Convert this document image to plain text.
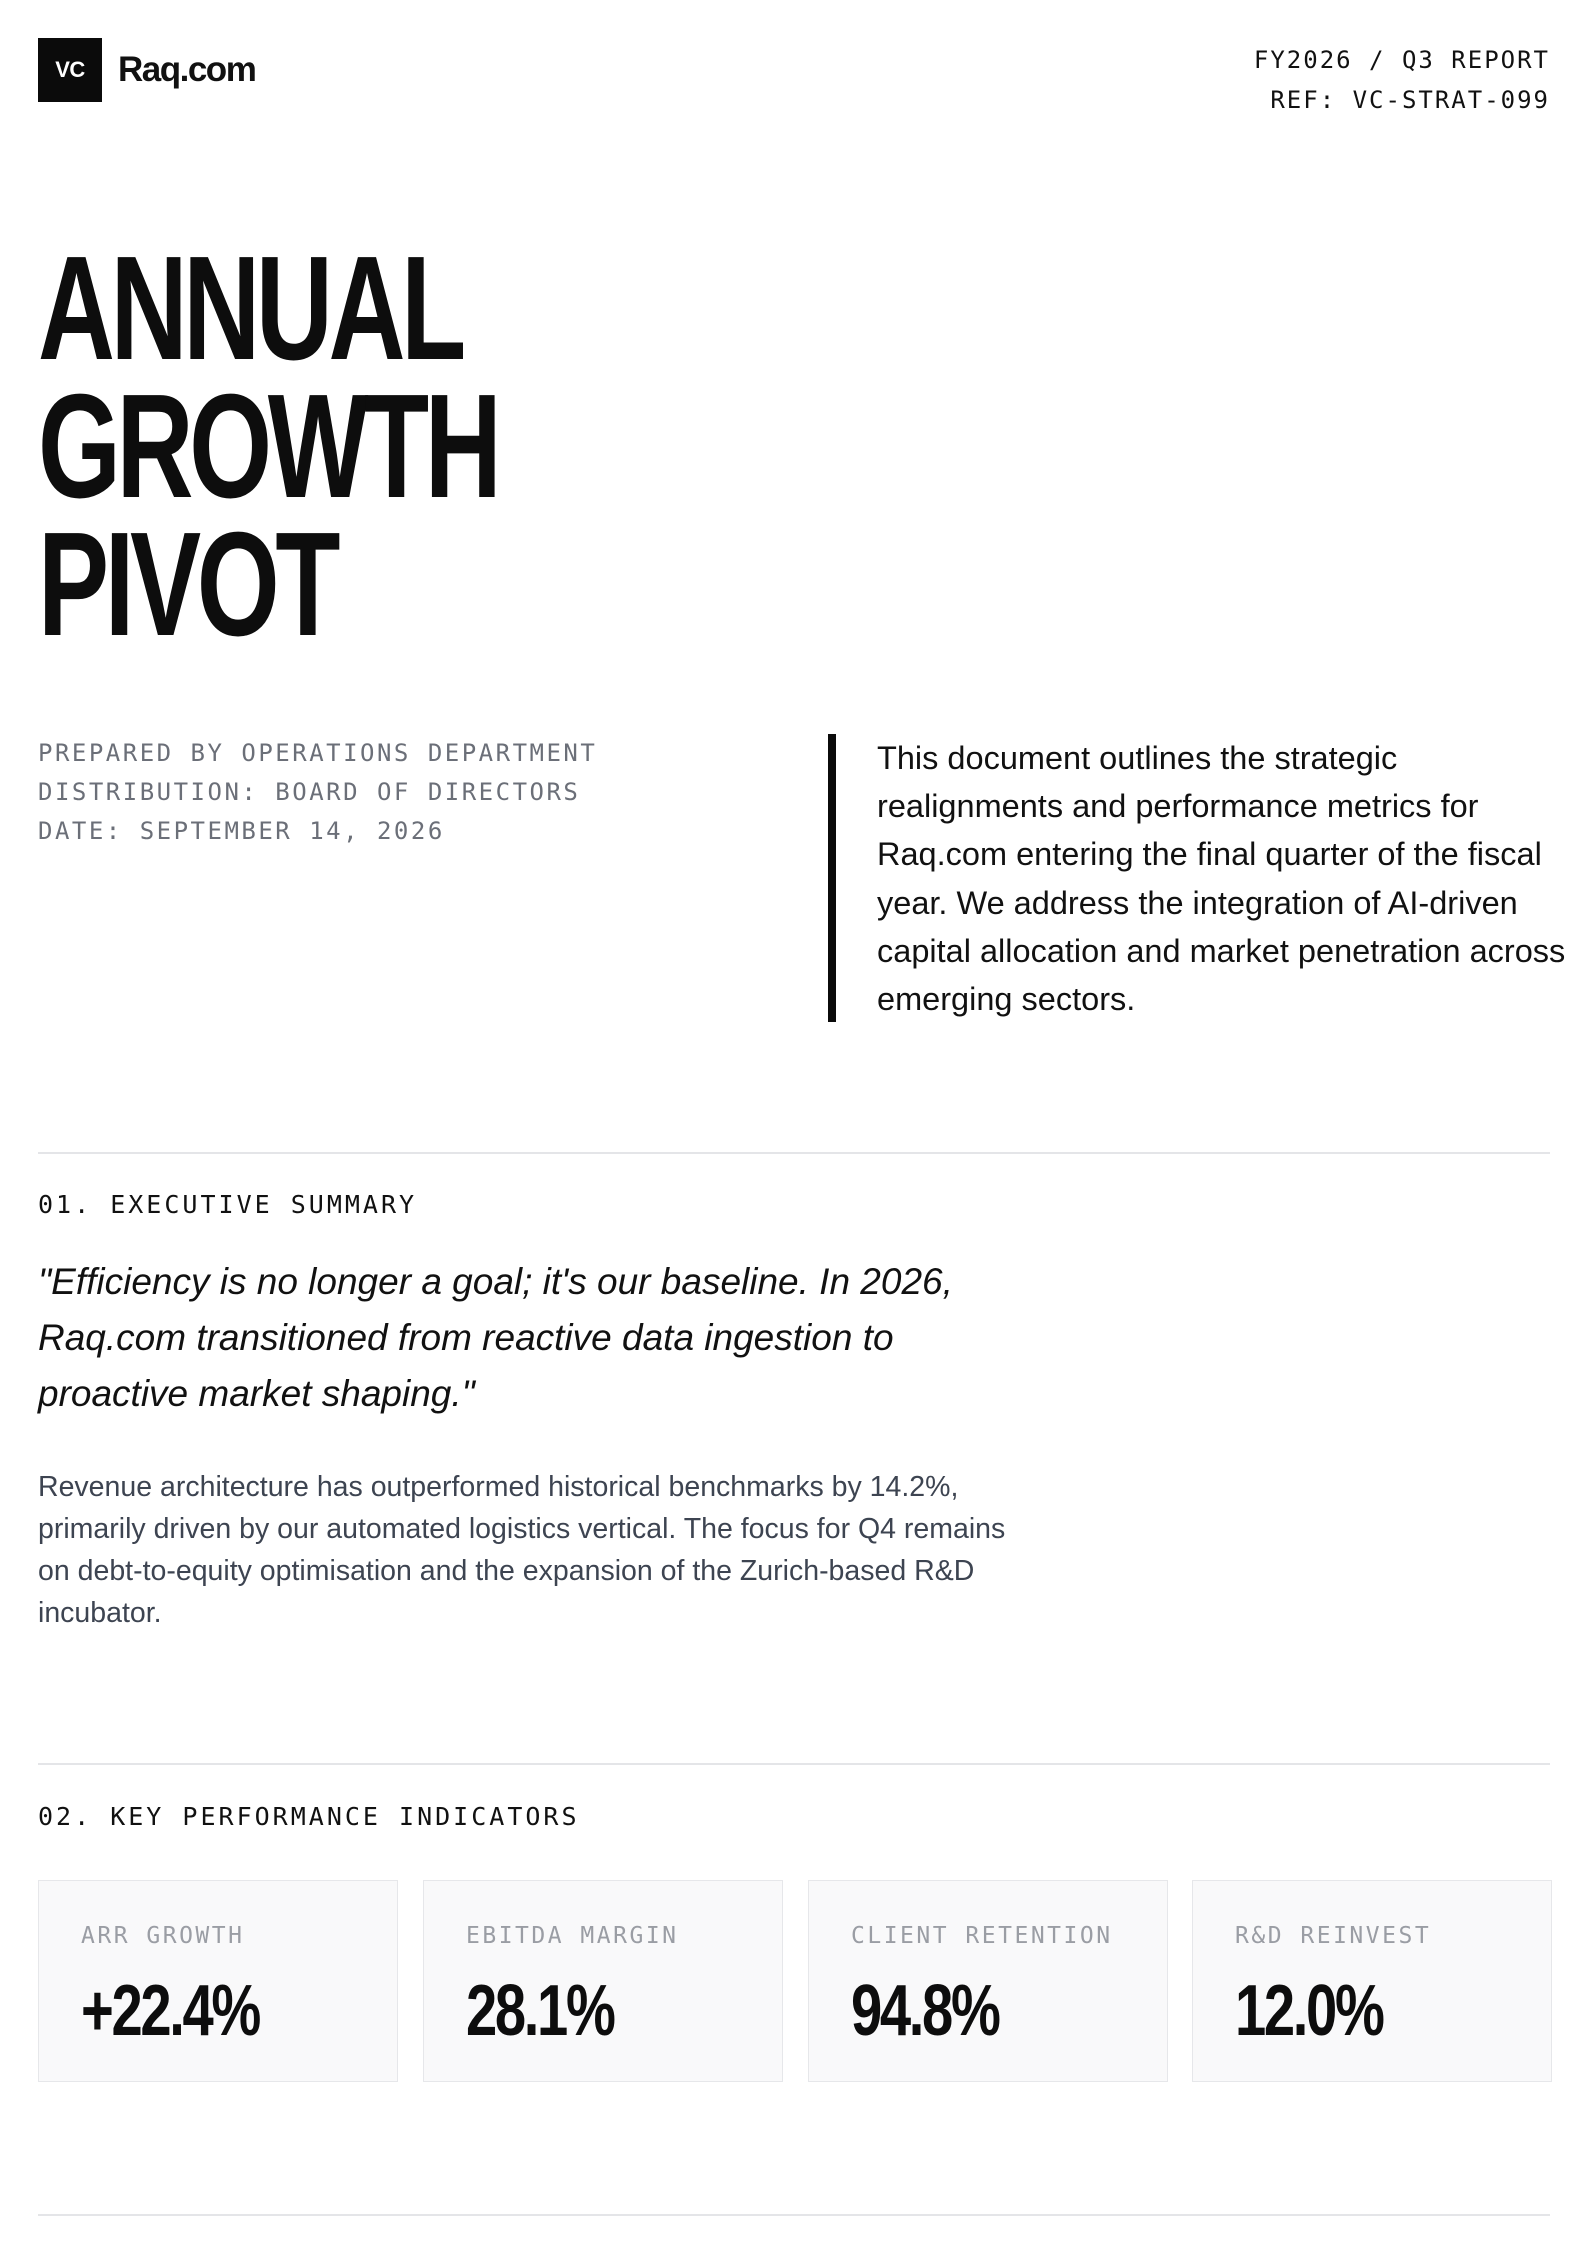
VC Raq.com	FY2026 / Q3 REPORT
REF: VC-STRAT-099
ANNUAL
GROWTH
PIVOT
PREPARED BY OPERATIONS DEPARTMENT
DISTRIBUTION: BOARD OF DIRECTORS
DATE: SEPTEMBER 14, 2026
This document outlines the strategic realignments and performance metrics for Raq.com entering the final quarter of the fiscal year. We address the integration of AI-driven capital allocation and market penetration across emerging sectors.
01. EXECUTIVE SUMMARY
"Efficiency is no longer a goal; it's our baseline. In 2026, Raq.com transitioned from reactive data ingestion to proactive market shaping."
Revenue architecture has outperformed historical benchmarks by 14.2%, primarily driven by our automated logistics vertical. The focus for Q4 remains on debt-to-equity optimisation and the expansion of the Zurich-based R&D incubator.
02. KEY PERFORMANCE INDICATORS
ARR GROWTH
+22.4%
EBITDA MARGIN
28.1%
CLIENT RETENTION
94.8%
R&D REINVEST
12.0%
